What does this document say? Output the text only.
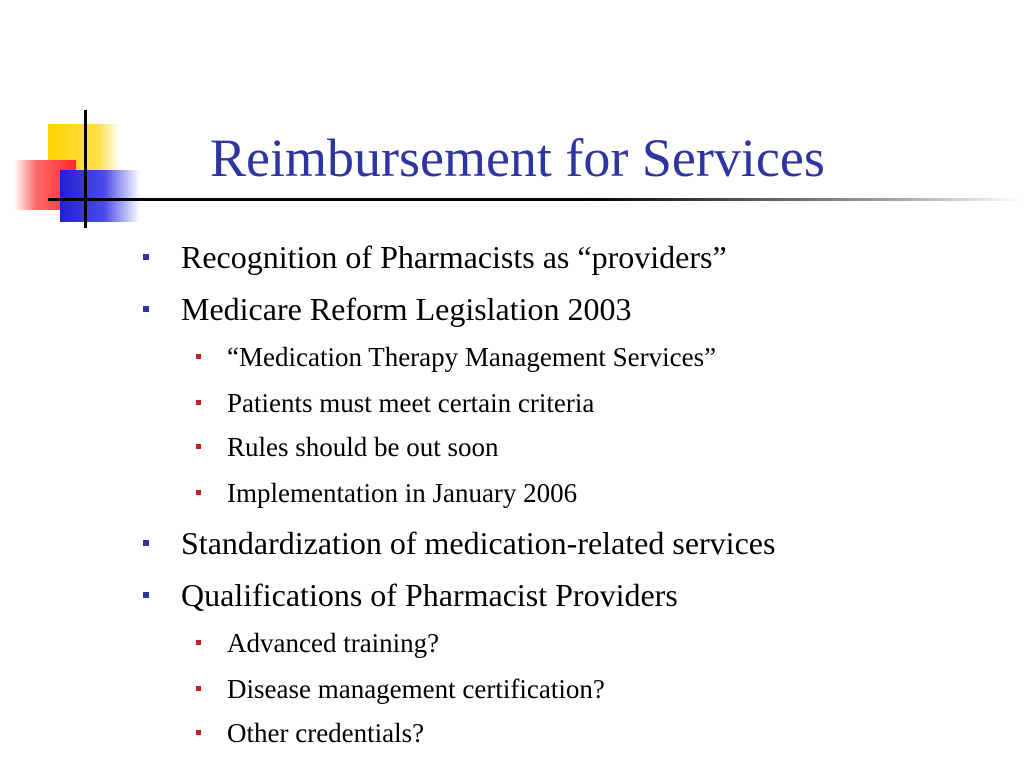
Reimbursement for Services
Recognition of Pharmacists as “providers”
Medicare Reform Legislation 2003
“Medication Therapy Management Services”
Patients must meet certain criteria
Rules should be out soon
Implementation in January 2006
Standardization of medication-related services
Qualifications of Pharmacist Providers
Advanced training?
Disease management certification?
Other credentials?
